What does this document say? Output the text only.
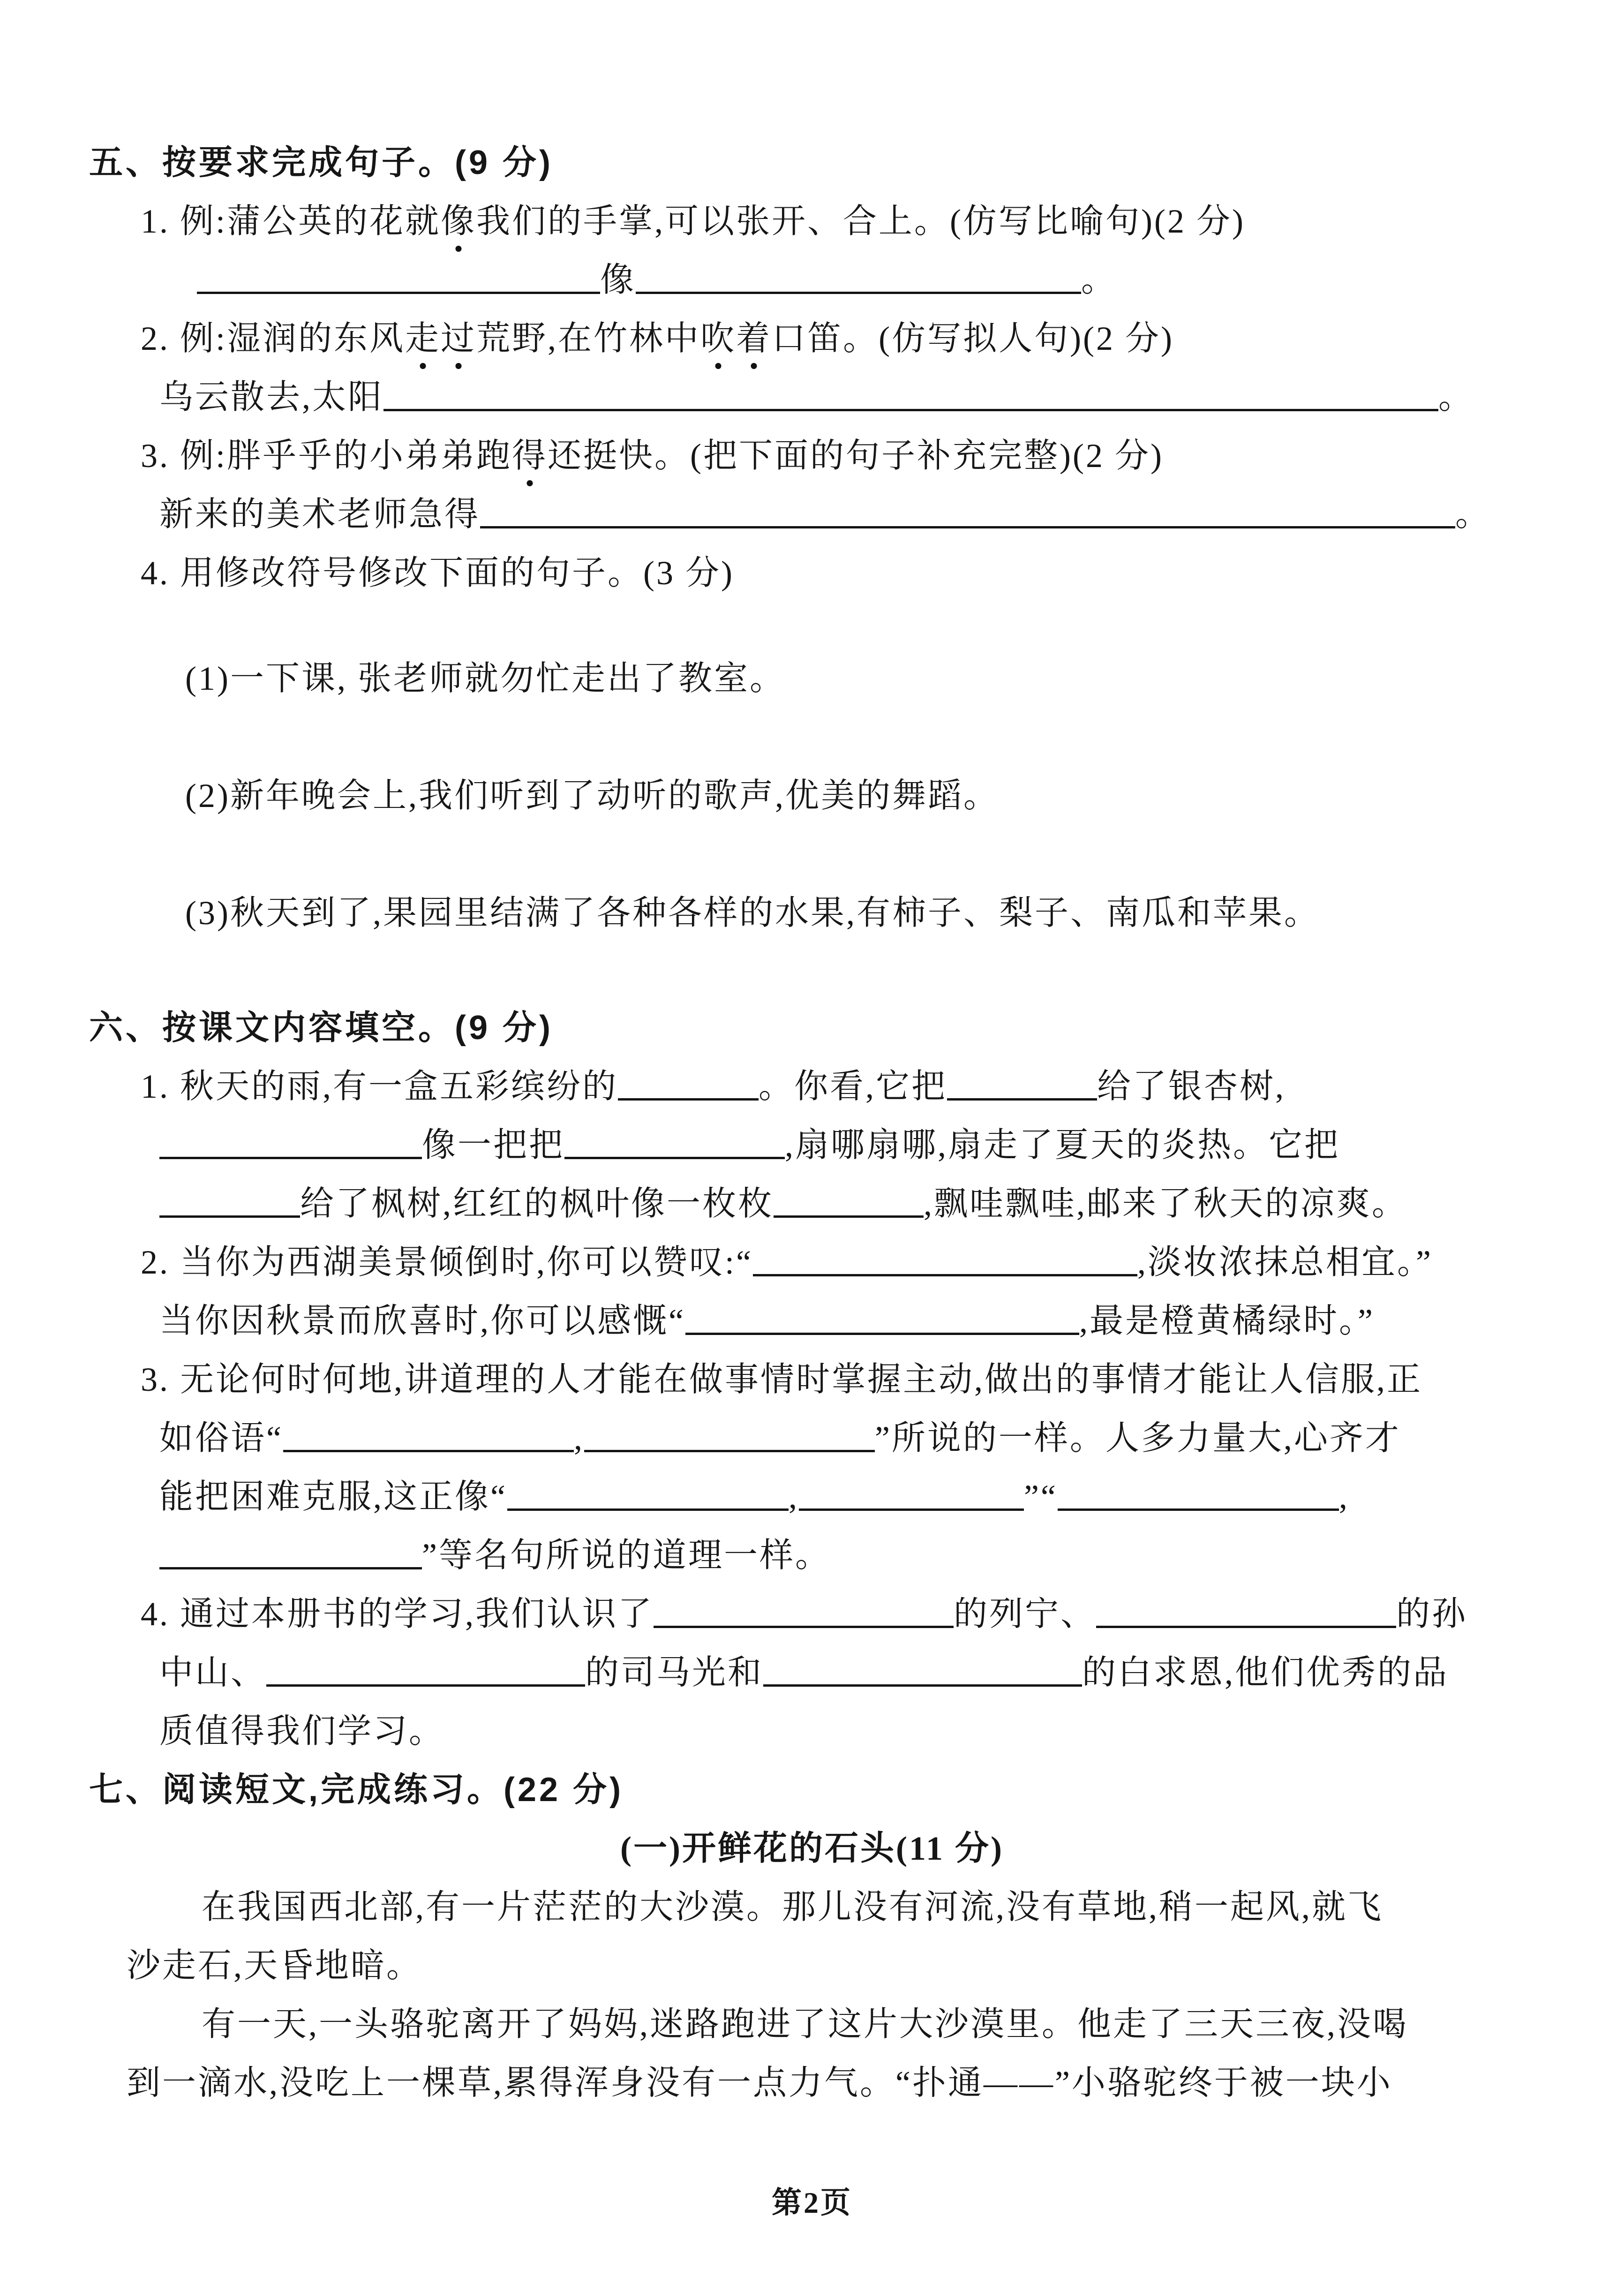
五、按要求完成句子。(9 分)
1. 例:蒲公英的花就像我们的手掌,可以张开、合上。(仿写比喻句)(2 分)
像	。
2. 例:湿润的东风走过荒野,在竹林中吹着口笛。(仿写拟人句)(2 分)
乌云散去,太阳	。
3. 例:胖乎乎的小弟弟跑得还挺快。(把下面的句子补充完整)(2 分)
新来的美术老师急得	。
4. 用修改符号修改下面的句子。(3 分)
(1)一下课, 张老师就勿忙走出了教室。
(2)新年晚会上,我们听到了动听的歌声,优美的舞蹈。
(3)秋天到了,果园里结满了各种各样的水果,有柿子、梨子、南瓜和苹果。
六、按课文内容填空。(9 分)
1. 秋天的雨,有一盒五彩缤纷的	。你看,它把	给了银杏树,
像一把把	,扇哪扇哪,扇走了夏天的炎热。它把
给了枫树,红红的枫叶像一枚枚	,飘哇飘哇,邮来了秋天的凉爽。
2. 当你为西湖美景倾倒时,你可以赞叹:“	,淡妆浓抹总相宜。”
当你因秋景而欣喜时,你可以感慨“	,最是橙黄橘绿时。”
3. 无论何时何地,讲道理的人才能在做事情时掌握主动,做出的事情才能让人信服,正
如俗语“	,	”所说的一样。人多力量大,心齐才
能把困难克服,这正像“	,	”“	,
”等名句所说的道理一样。
4. 通过本册书的学习,我们认识了	的列宁、	的孙
中山、	的司马光和	的白求恩,他们优秀的品
质值得我们学习。
七、阅读短文,完成练习。(22 分)
(一)开鲜花的石头(11 分)
在我国西北部,有一片茫茫的大沙漠。那儿没有河流,没有草地,稍一起风,就飞
沙走石,天昏地暗。
有一天,一头骆驼离开了妈妈,迷路跑进了这片大沙漠里。他走了三天三夜,没喝
到一滴水,没吃上一棵草,累得浑身没有一点力气。“扑通——”小骆驼终于被一块小
第2页
